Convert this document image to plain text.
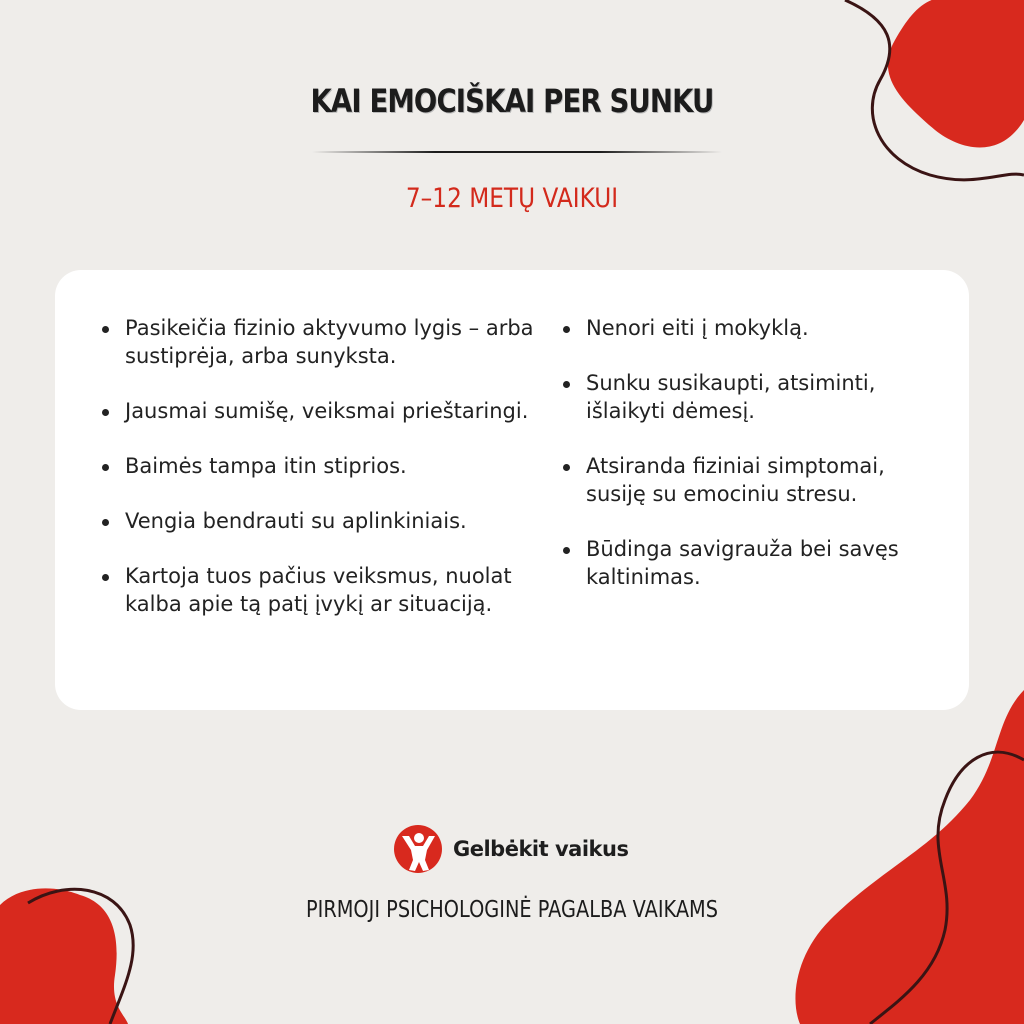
KAI EMOCIŠKAI PER SUNKU
7–12 METŲ VAIKUI
Pasikeičia fizinio aktyvumo lygis – arba sustiprėja, arba sunyksta.
Jausmai sumišę, veiksmai prieštaringi.
Baimės tampa itin stiprios.
Vengia bendrauti su aplinkiniais.
Kartoja tuos pačius veiksmus, nuolat kalba apie tą patį įvykį ar situaciją.
Nenori eiti į mokyklą.
Sunku susikaupti, atsiminti, išlaikyti dėmesį.
Atsiranda fiziniai simptomai, susiję su emociniu stresu.
Būdinga savigrauža bei savęs kaltinimas.
Gelbėkit vaikus
PIRMOJI PSICHOLOGINĖ PAGALBA VAIKAMS
